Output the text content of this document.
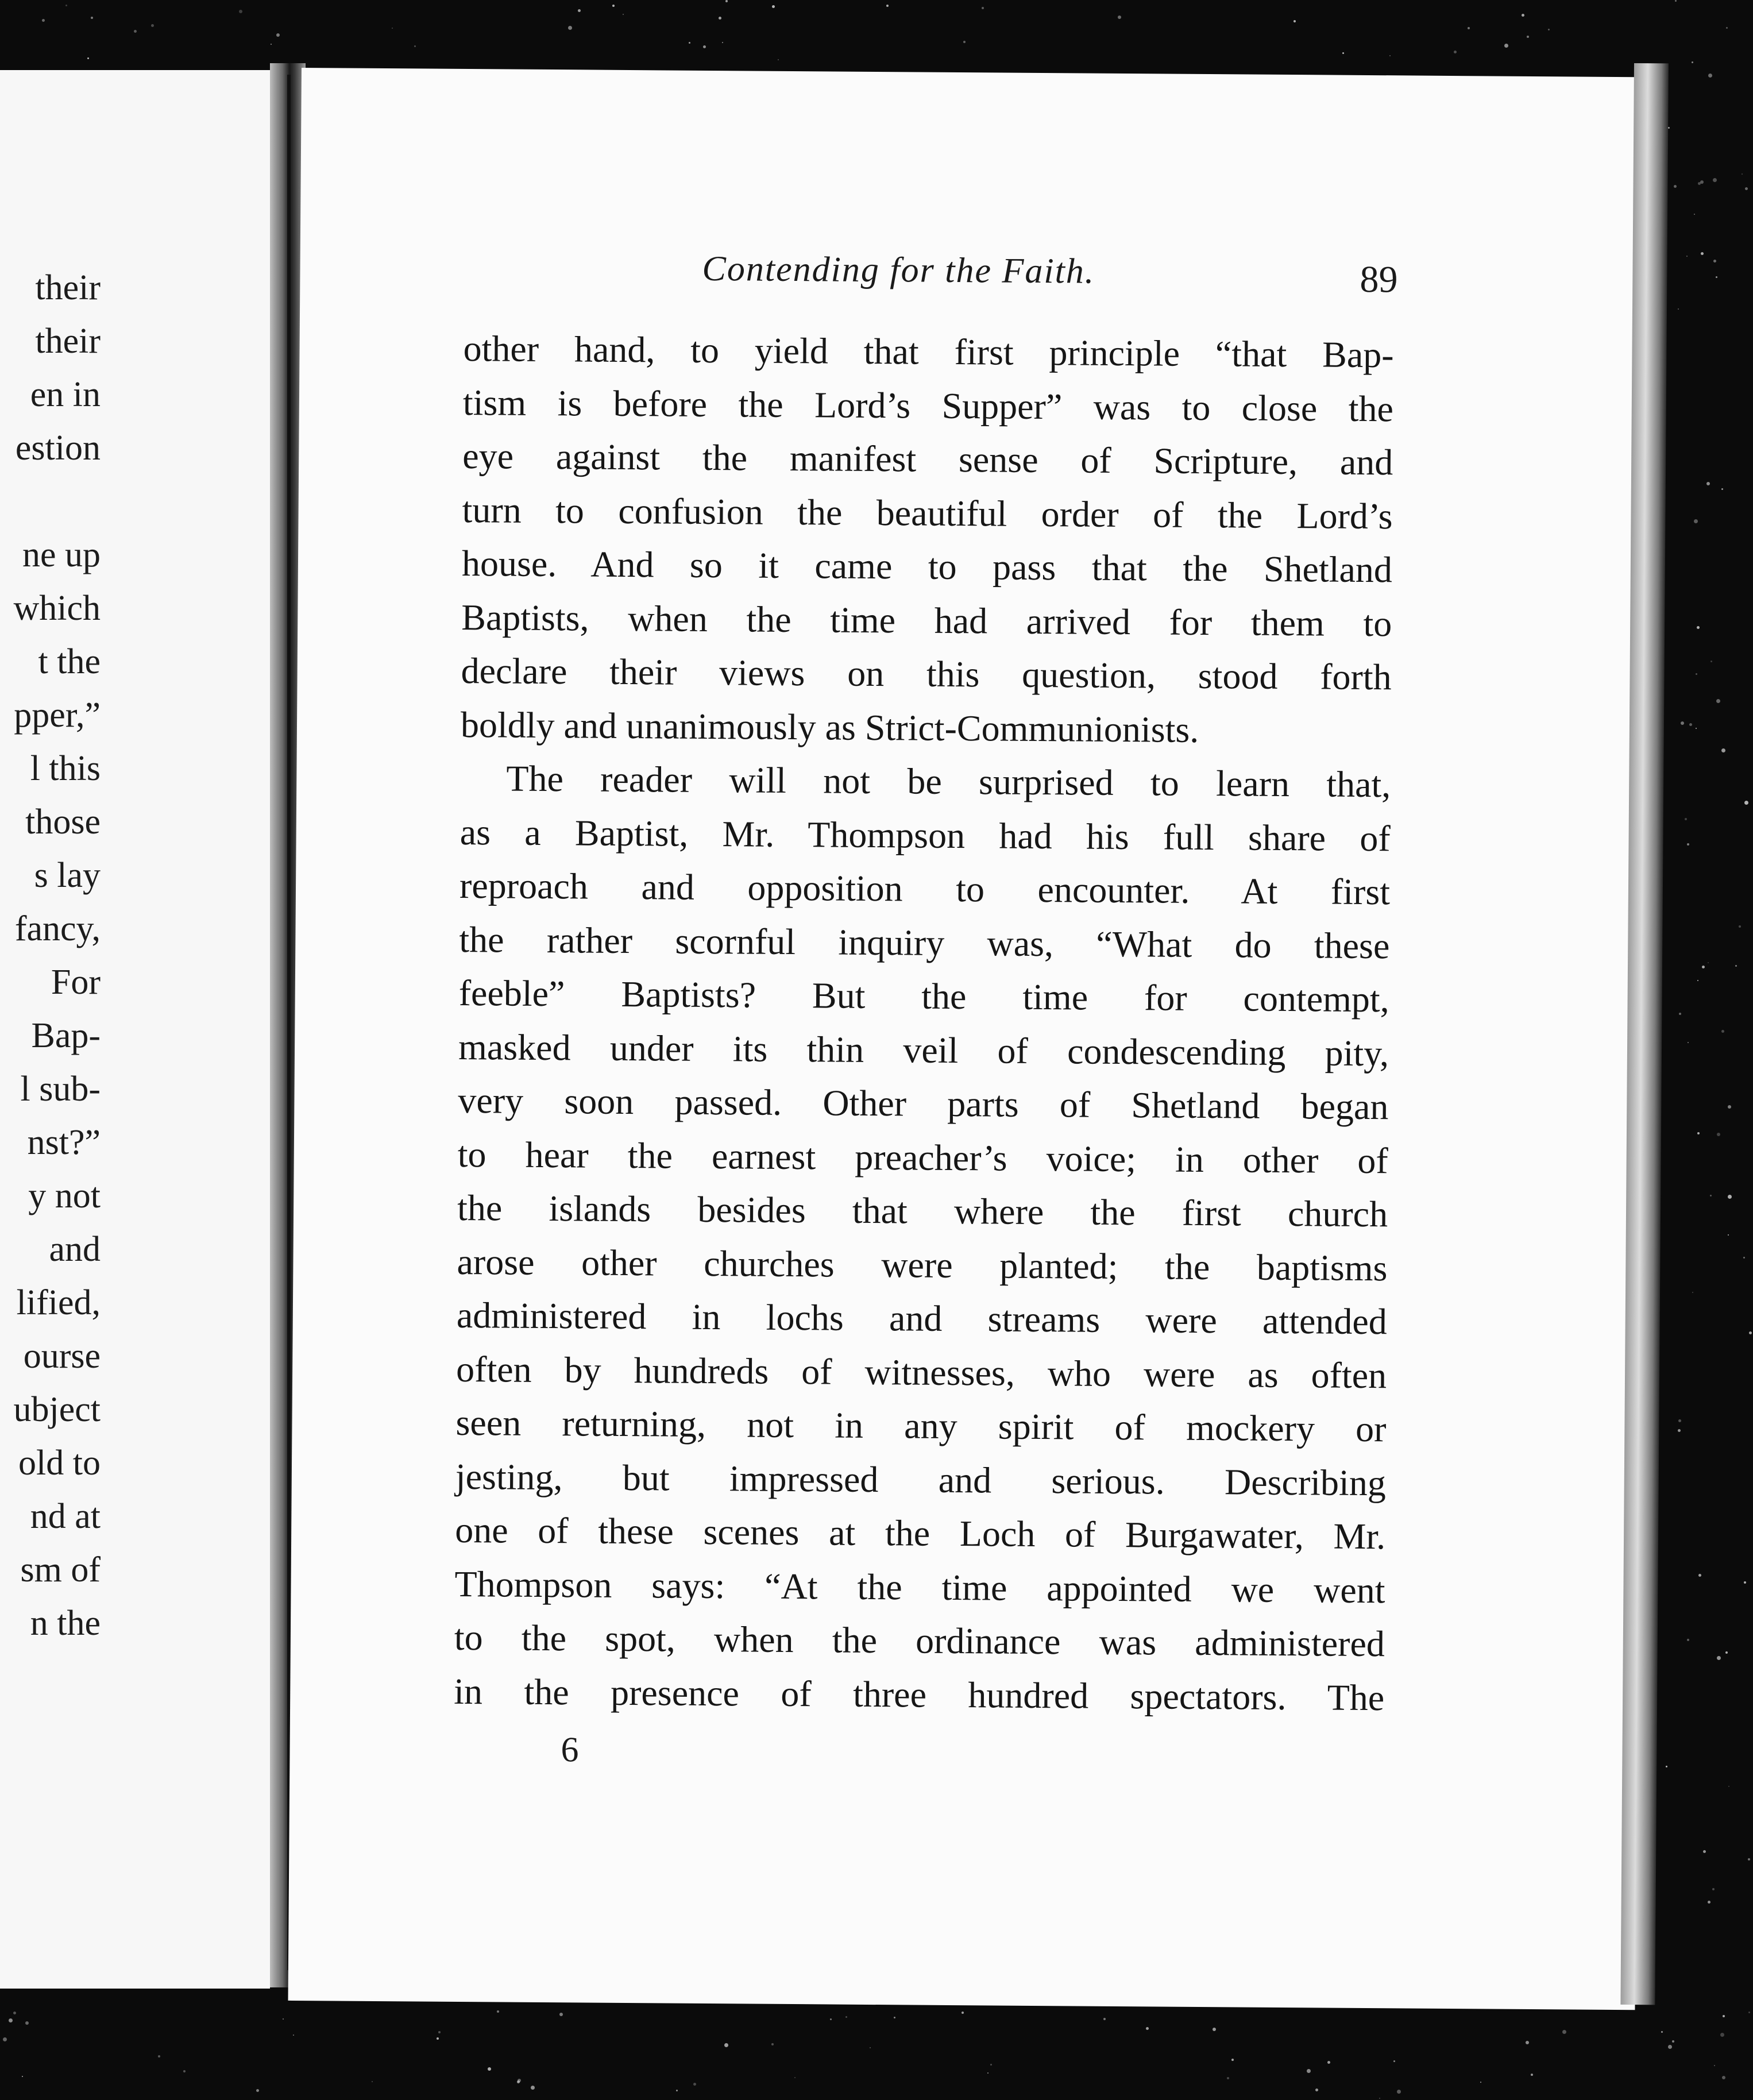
their
their
en in
estion
ne up
which
t the
pper,”
l this
those
s lay
fancy,
For
Bap-
l sub-
nst?”
y not
and
lified,
ourse
ubject
old to
nd at
sm of
n the
Contending for the Faith.	89
other hand, to yield that first principle “that Bap-
tism is before the Lord’s Supper” was to close the
eye against the manifest sense of Scripture, and
turn to confusion the beautiful order of the Lord’s
house. And so it came to pass that the Shetland
Baptists, when the time had arrived for them to
declare their views on this question, stood forth
boldly and unanimously as Strict-Communionists.
The reader will not be surprised to learn that,
as a Baptist, Mr. Thompson had his full share of
reproach and opposition to encounter. At first
the rather scornful inquiry was, “What do these
feeble” Baptists? But the time for contempt,
masked under its thin veil of condescending pity,
very soon passed. Other parts of Shetland began
to hear the earnest preacher’s voice; in other of
the islands besides that where the first church
arose other churches were planted; the baptisms
administered in lochs and streams were attended
often by hundreds of witnesses, who were as often
seen returning, not in any spirit of mockery or
jesting, but impressed and serious. Describing
one of these scenes at the Loch of Burgawater, Mr.
Thompson says: “At the time appointed we went
to the spot, when the ordinance was administered
in the presence of three hundred spectators. The
6
